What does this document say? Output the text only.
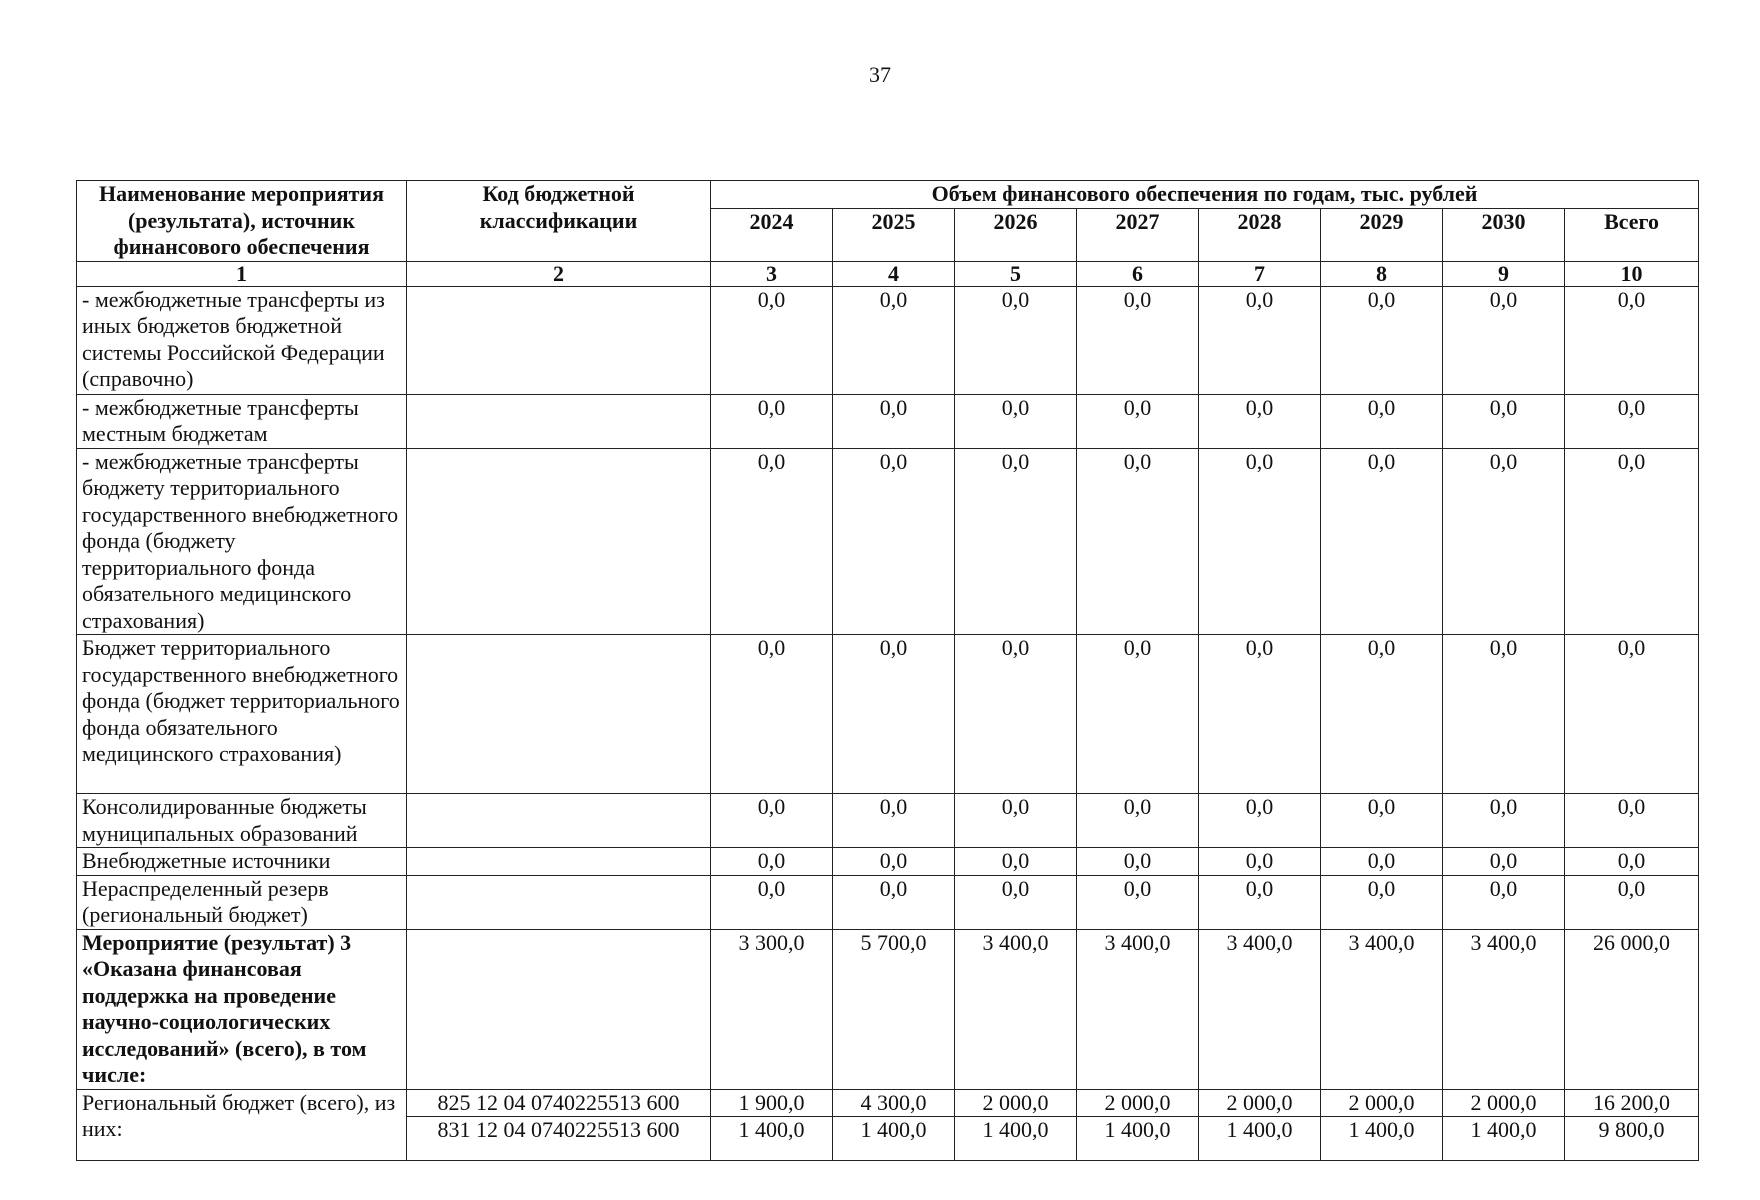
37
Наименование мероприятия (результата), источник финансового обеспечения	Код бюджетной классификации	Объем финансового обеспечения по годам, тыс. рублей							
		2024	2025	2026	2027	2028	2029	2030	Всего
1	2	3	4	5	6	7	8	9	10
- межбюджетные трансферты из иных бюджетов бюджетной системы Российской Федерации (справочно)		0,0	0,0	0,0	0,0	0,0	0,0	0,0	0,0
- межбюджетные трансферты местным бюджетам		0,0	0,0	0,0	0,0	0,0	0,0	0,0	0,0
- межбюджетные трансферты бюджету территориального государственного внебюджетного фонда (бюджету территориального фонда обязательного медицинского страхования)		0,0	0,0	0,0	0,0	0,0	0,0	0,0	0,0
Бюджет территориального государственного внебюджетного фонда (бюджет территориального фонда обязательного медицинского страхования)		0,0	0,0	0,0	0,0	0,0	0,0	0,0	0,0
Консолидированные бюджеты муниципальных образований		0,0	0,0	0,0	0,0	0,0	0,0	0,0	0,0
Внебюджетные источники		0,0	0,0	0,0	0,0	0,0	0,0	0,0	0,0
Нераспределенный резерв (региональный бюджет)		0,0	0,0	0,0	0,0	0,0	0,0	0,0	0,0
Мероприятие (результат) 3 «Оказана финансовая поддержка на проведение научно-социологических исследований» (всего), в том числе:		3 300,0	5 700,0	3 400,0	3 400,0	3 400,0	3 400,0	3 400,0	26 000,0
Региональный бюджет (всего), из них:	825 12 04 0740225513 600	1 900,0	4 300,0	2 000,0	2 000,0	2 000,0	2 000,0	2 000,0	16 200,0
	831 12 04 0740225513 600	1 400,0	1 400,0	1 400,0	1 400,0	1 400,0	1 400,0	1 400,0	9 800,0
